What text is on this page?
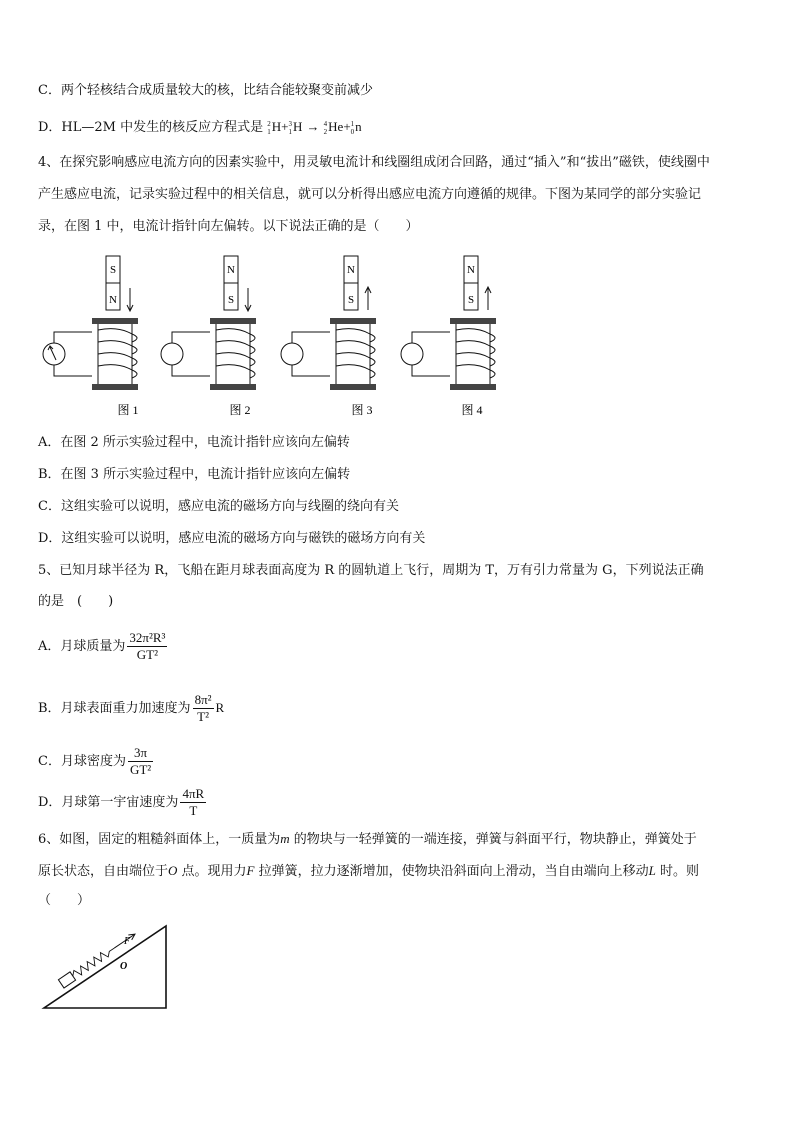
C．两个轻核结合成质量较大的核，比结合能较聚变前减少
D．HL—2M 中发生的核反应方程式是 2
1 H+ 3
1 H → 4
2 He+ 1
0 n
4、在探究影响感应电流方向的因素实验中，用灵敏电流计和线圈组成闭合回路，通过“插入”和“拔出”磁铁，使线圈中
产生感应电流，记录实验过程中的相关信息，就可以分析得出感应电流方向遵循的规律。下图为某同学的部分实验记
录，在图 1 中，电流计指针向左偏转。以下说法正确的是（　　）
S
N
图 1
N
S
图 2
N
S
图 3
N
S
图 4
A．在图 2 所示实验过程中，电流计指针应该向左偏转
B．在图 3 所示实验过程中，电流计指针应该向左偏转
C．这组实验可以说明，感应电流的磁场方向与线圈的绕向有关
D．这组实验可以说明，感应电流的磁场方向与磁铁的磁场方向有关
5、已知月球半径为 R，飞船在距月球表面高度为 R 的圆轨道上飞行，周期为 T，万有引力常量为 G，下列说法正确
的是　(　　)
A．月球质量为 $\frac{\text{32π²R³}}{\text{GT²}}$
B．月球表面重力加速度为 $\frac{\text{8π²}}{\text{T²}}$ R
C．月球密度为 $\frac{3\pi}{\text{GT²}}$
D．月球第一宇宙速度为 $\frac{4\pi R}{T}$
6、如图，固定的粗糙斜面体上，一质量为m 的物块与一轻弹簧的一端连接，弹簧与斜面平行，物块静止，弹簧处于
原长状态，自由端位于O 点。现用力F 拉弹簧，拉力逐渐增加，使物块沿斜面向上滑动，当自由端向上移动L 时。则
（　　）
F
O
